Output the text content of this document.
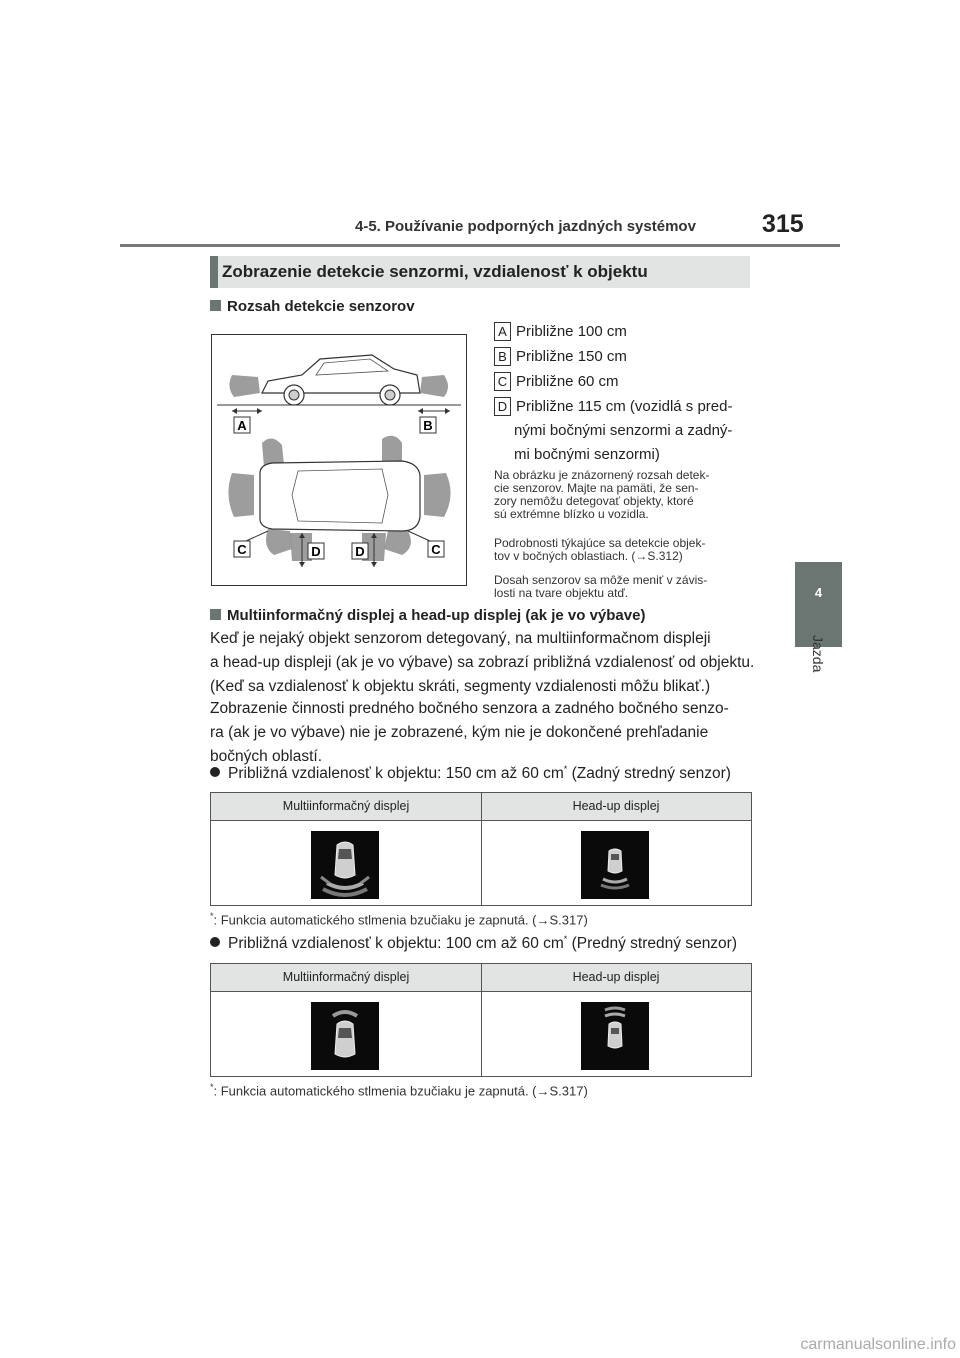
4-5. Používanie podporných jazdných systémov	315
4
Jazda
Zobrazenie detekcie senzormi, vzdialenosť k objektu
Rozsah detekcie senzorov
A	B
C	D	D	C
A Približne 100 cm
B Približne 150 cm
C Približne 60 cm
D Približne 115 cm (vozidlá s pred-
nými bočnými senzormi a zadný-
mi bočnými senzormi)
Na obrázku je znázornený rozsah detek-
cie senzorov. Majte na pamäti, že sen-
zory nemôžu detegovať objekty, ktoré
sú extrémne blízko u vozidla.
Podrobnosti týkajúce sa detekcie objek-
tov v bočných oblastiach. (→S.312)
Dosah senzorov sa môže meniť v závis-
losti na tvare objektu atď.
Multiinformačný displej a head-up displej (ak je vo výbave)
Keď je nejaký objekt senzorom detegovaný, na multiinformačnom displeji
a head-up displeji (ak je vo výbave) sa zobrazí približná vzdialenosť od objektu.
(Keď sa vzdialenosť k objektu skráti, segmenty vzdialenosti môžu blikať.)
Zobrazenie činnosti predného bočného senzora a zadného bočného senzo-
ra (ak je vo výbave) nie je zobrazené, kým nie je dokončené prehľadanie
bočných oblastí.
Približná vzdialenosť k objektu: 150 cm až 60 cm* (Zadný stredný senzor)
Multiinformačný displej	Head-up displej
*: Funkcia automatického stlmenia bzučiaku je zapnutá. (→S.317)
Približná vzdialenosť k objektu: 100 cm až 60 cm* (Predný stredný senzor)
Multiinformačný displej	Head-up displej
*: Funkcia automatického stlmenia bzučiaku je zapnutá. (→S.317)
carmanualsonline.info
